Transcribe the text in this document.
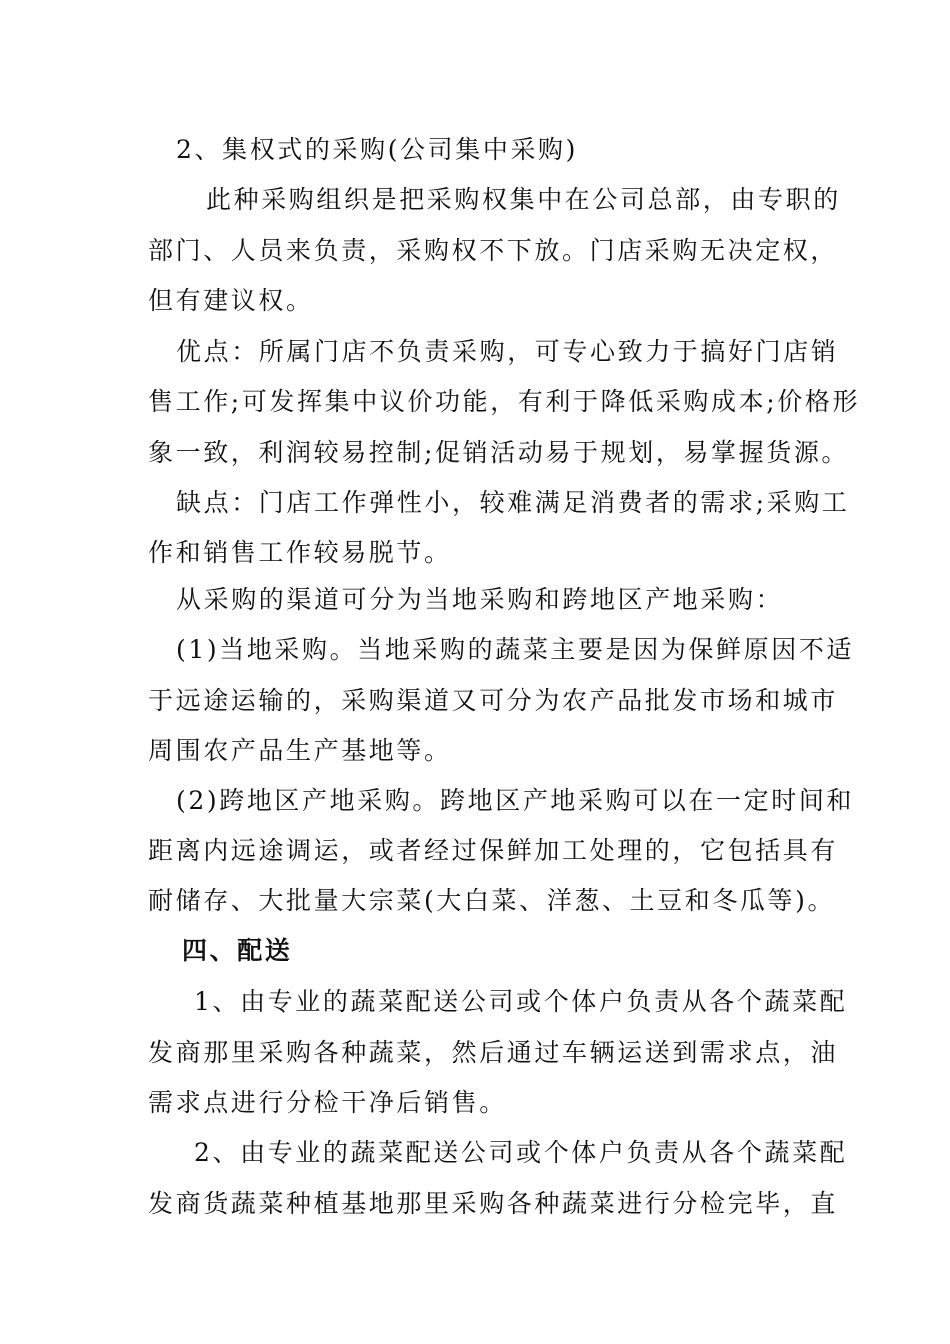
2、集权式的采购(公司集中采购)
此种采购组织是把采购权集中在公司总部，由专职的
部门、人员来负责，采购权不下放。门店采购无决定权，
但有建议权。
优点：所属门店不负责采购，可专心致力于搞好门店销
售工作;可发挥集中议价功能，有利于降低采购成本;价格形
象一致，利润较易控制;促销活动易于规划，易掌握货源。
缺点：门店工作弹性小，较难满足消费者的需求;采购工
作和销售工作较易脱节。
从采购的渠道可分为当地采购和跨地区产地采购：
(1)当地采购。当地采购的蔬菜主要是因为保鲜原因不适
于远途运输的，采购渠道又可分为农产品批发市场和城市
周围农产品生产基地等。
(2)跨地区产地采购。跨地区产地采购可以在一定时间和
距离内远途调运，或者经过保鲜加工处理的，它包括具有
耐储存、大批量大宗菜(大白菜、洋葱、土豆和冬瓜等)。
四、配送
1、由专业的蔬菜配送公司或个体户负责从各个蔬菜配
发商那里采购各种蔬菜，然后通过车辆运送到需求点，油
需求点进行分检干净后销售。
2、由专业的蔬菜配送公司或个体户负责从各个蔬菜配
发商货蔬菜种植基地那里采购各种蔬菜进行分检完毕，直
